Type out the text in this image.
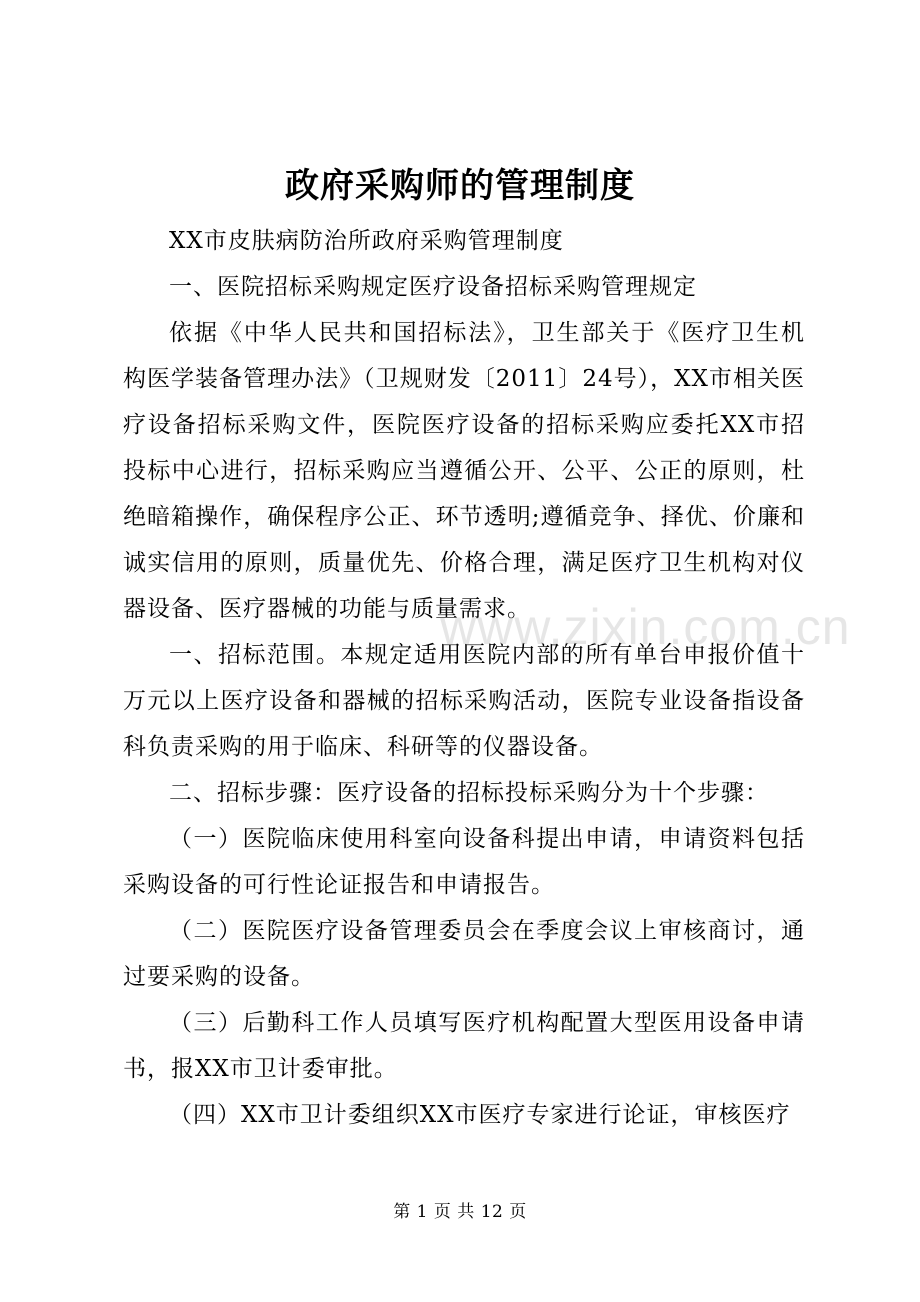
政府采购师的管理制度

XX市皮肤病防治所政府采购管理制度

一、医院招标采购规定医疗设备招标采购管理规定

依据《中华人民共和国招标法》，卫生部关于《医疗卫生机构医学装备管理办法》（卫规财发〔2011〕24号），XX市相关医疗设备招标采购文件，医院医疗设备的招标采购应委托XX市招投标中心进行，招标采购应当遵循公开、公平、公正的原则，杜绝暗箱操作，确保程序公正、环节透明;遵循竞争、择优、价廉和诚实信用的原则，质量优先、价格合理，满足医疗卫生机构对仪器设备、医疗器械的功能与质量需求。

一、招标范围。本规定适用医院内部的所有单台申报价值十万元以上医疗设备和器械的招标采购活动，医院专业设备指设备科负责采购的用于临床、科研等的仪器设备。

二、招标步骤：医疗设备的招标投标采购分为十个步骤：

（一）医院临床使用科室向设备科提出申请，申请资料包括采购设备的可行性论证报告和申请报告。

（二）医院医疗设备管理委员会在季度会议上审核商讨，通过要采购的设备。

（三）后勤科工作人员填写医疗机构配置大型医用设备申请书，报XX市卫计委审批。

（四）XX市卫计委组织XX市医疗专家进行论证，审核医疗

www.zixin.com.cn
第 1 页 共 12 页
